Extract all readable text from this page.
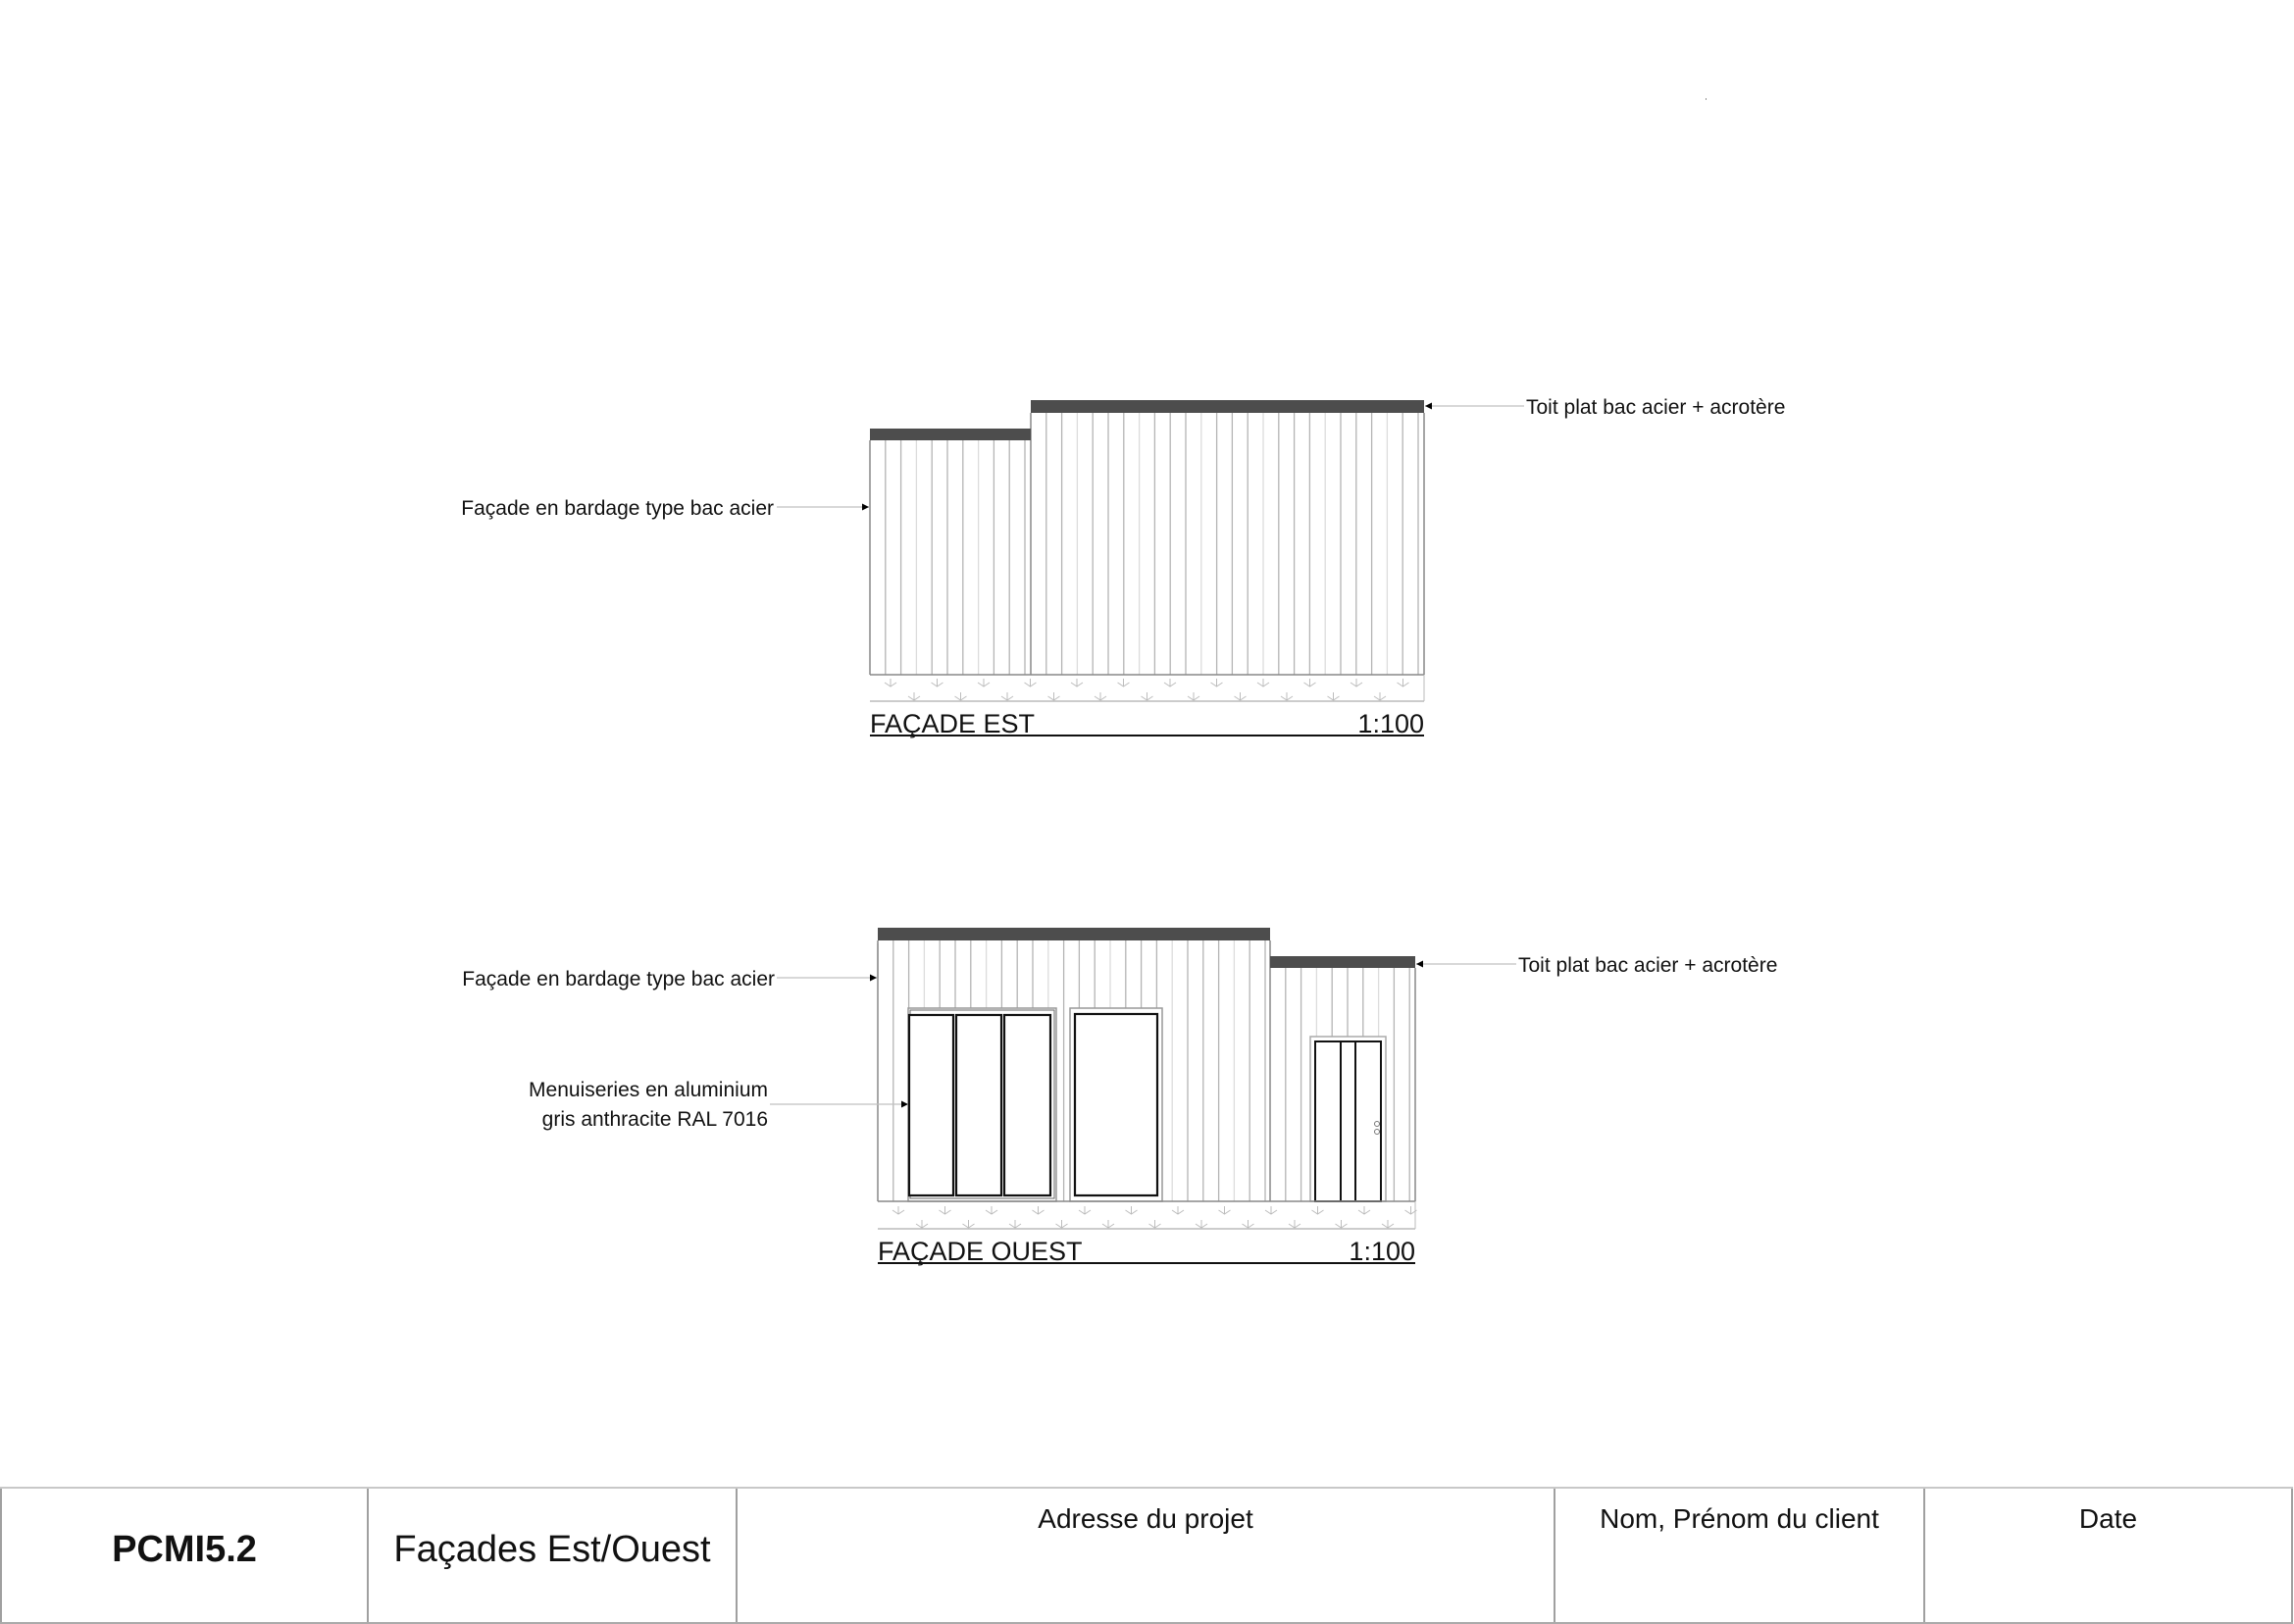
Façade en bardage type bac acier
Toit plat bac acier + acrotère
FAÇADE EST	1:100
Façade en bardage type bac acier
Toit plat bac acier + acrotère
Menuiseries en aluminium
gris anthracite RAL 7016
FAÇADE OUEST	1:100
PCMI5.2	Façades Est/Ouest
Adresse du projet	Nom, Prénom du client	Date
